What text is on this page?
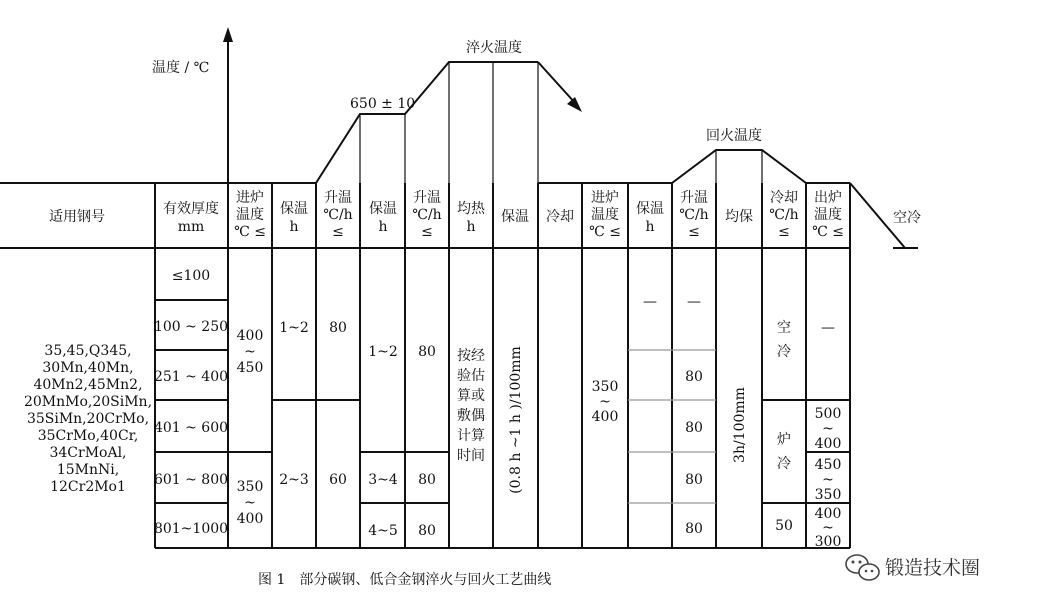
温度 / ℃
650 ± 10
淬火温度
回火温度
空冷
适用钢号	有效厚度
mm
进炉
温度
℃ ≤
保温
h
升温
℃/h
≤
保温
h
升温
℃/h
≤
均热
h
保温 冷却
进炉
温度
℃ ≤
保温
h
升温
℃/h
≤
均保
冷却
℃/h
≤
出炉
温度
℃ ≤
35,45,Q345,
30Mn,40Mn,
40Mn2,45Mn2,
20MnMo,20SiMn,
35SiMn,20CrMo,
35CrMo,40Cr,
34CrMoAl,
15MnNi,
12Cr2Mo1
≤100
100 ~ 250
251 ~ 400
401 ~ 600
601 ~ 800
801~1000
400
~
450
350
~
400
1~2
2~3
80
60
1~2
3~4
4~5
80
80
80
按经
验估
算或
敷偶
计算
时间 (0.8 h ~1 h )/100mm	350
~
400
— —
80
80
80
80
3h/100mm
空
冷
炉
冷
50
—
500
~
400
450
~
350
400
~
300
图 1　部分碳钢、低合金钢淬火与回火工艺曲线
锻造技术圈
